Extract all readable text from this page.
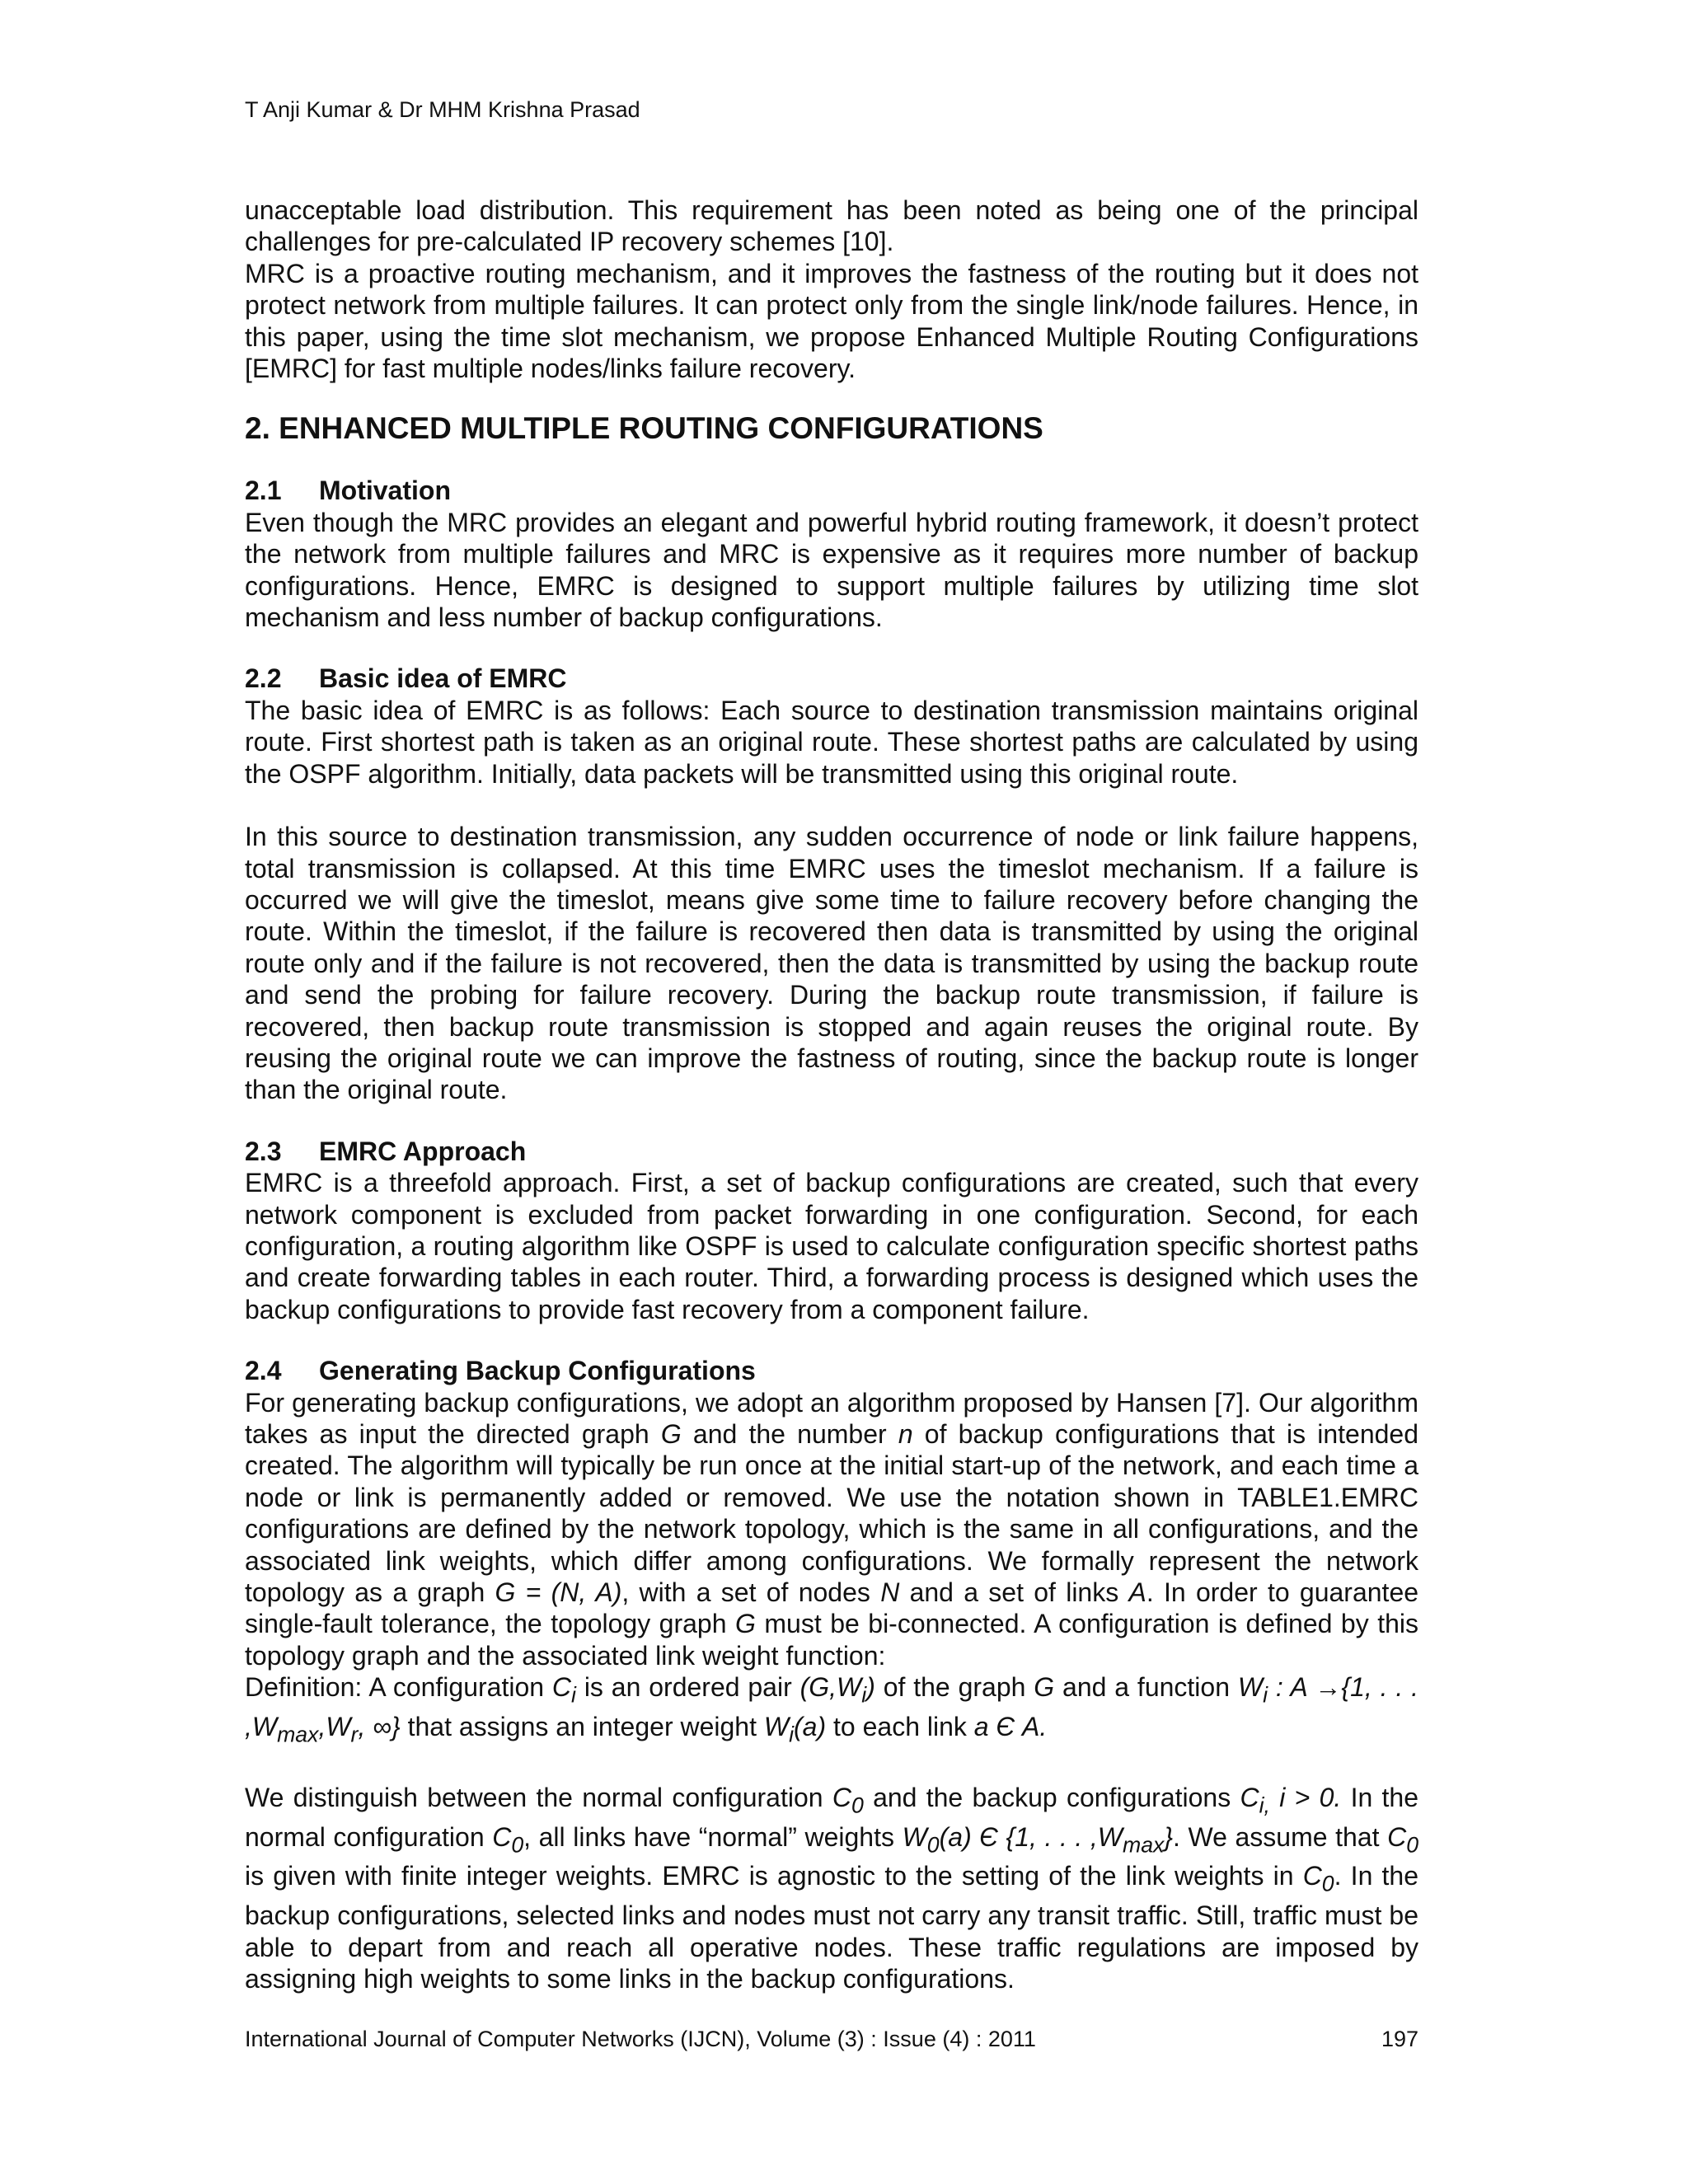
T Anji Kumar & Dr MHM Krishna Prasad

unacceptable load distribution. This requirement has been noted as being one of the principal challenges for pre-calculated IP recovery schemes [10].

MRC is a proactive routing mechanism, and it improves the fastness of the routing but it does not protect network from multiple failures. It can protect only from the single link/node failures. Hence, in this paper, using the time slot mechanism, we propose Enhanced Multiple Routing Configurations [EMRC] for fast multiple nodes/links failure recovery.

2. ENHANCED MULTIPLE ROUTING CONFIGURATIONS
2.1 Motivation

Even though the MRC provides an elegant and powerful hybrid routing framework, it doesn’t protect the network from multiple failures and MRC is expensive as it requires more number of backup configurations. Hence, EMRC is designed to support multiple failures by utilizing time slot mechanism and less number of backup configurations.

2.2 Basic idea of EMRC

The basic idea of EMRC is as follows: Each source to destination transmission maintains original route. First shortest path is taken as an original route. These shortest paths are calculated by using the OSPF algorithm. Initially, data packets will be transmitted using this original route.

In this source to destination transmission, any sudden occurrence of node or link failure happens, total transmission is collapsed. At this time EMRC uses the timeslot mechanism. If a failure is occurred we will give the timeslot, means give some time to failure recovery before changing the route. Within the timeslot, if the failure is recovered then data is transmitted by using the original route only and if the failure is not recovered, then the data is transmitted by using the backup route and send the probing for failure recovery. During the backup route transmission, if failure is recovered, then backup route transmission is stopped and again reuses the original route. By reusing the original route we can improve the fastness of routing, since the backup route is longer than the original route.

2.3 EMRC Approach

EMRC is a threefold approach. First, a set of backup configurations are created, such that every network component is excluded from packet forwarding in one configuration. Second, for each configuration, a routing algorithm like OSPF is used to calculate configuration specific shortest paths and create forwarding tables in each router. Third, a forwarding process is designed which uses the backup configurations to provide fast recovery from a component failure.

2.4 Generating Backup Configurations

For generating backup configurations, we adopt an algorithm proposed by Hansen [7]. Our algorithm takes as input the directed graph G and the number n of backup configurations that is intended created. The algorithm will typically be run once at the initial start-up of the network, and each time a node or link is permanently added or removed. We use the notation shown in TABLE1.EMRC configurations are defined by the network topology, which is the same in all configurations, and the associated link weights, which differ among configurations. We formally represent the network topology as a graph G = (N, A), with a set of nodes N and a set of links A. In order to guarantee single-fault tolerance, the topology graph G must be bi-connected. A configuration is defined by this topology graph and the associated link weight function:

Definition: A configuration $C_i$ is an ordered pair $(G,W_i)$ of the graph G and a function $W_i$ : A →{1, . . . $,W_{max},W_r$, ∞} that assigns an integer weight $W_i(a)$ to each link a Є A.

We distinguish between the normal configuration $C_0$ and the backup configurations $C_{i,}$ i > 0. In the normal configuration $C_0$, all links have “normal” weights $W_0(a)$ Є {1, . . . $,W_{max}$}. We assume that $C_0$ is given with finite integer weights. EMRC is agnostic to the setting of the link weights in $C_0$. In the backup configurations, selected links and nodes must not carry any transit traffic. Still, traffic must be able to depart from and reach all operative nodes. These traffic regulations are imposed by assigning high weights to some links in the backup configurations.

International Journal of Computer Networks (IJCN), Volume (3) : Issue (4) : 2011	197
